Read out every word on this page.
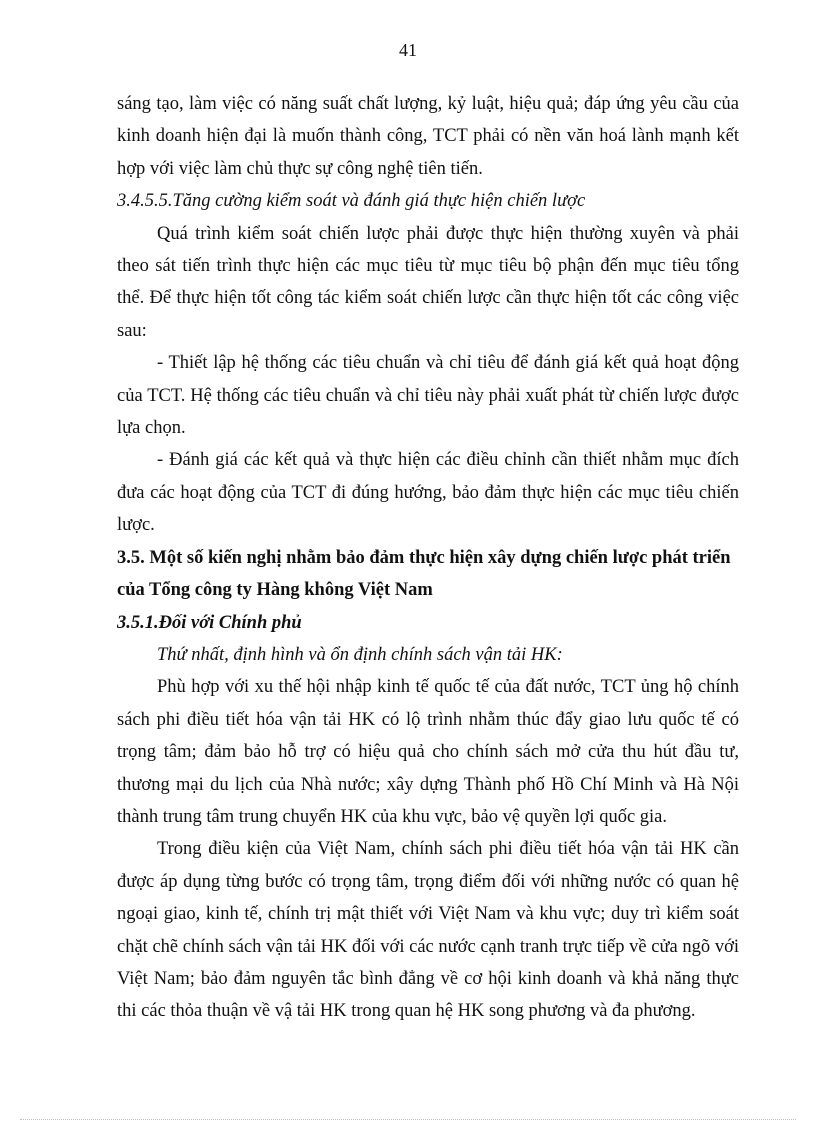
41

sáng tạo, làm việc có năng suất chất lượng, kỷ luật, hiệu quả; đáp ứng yêu cầu của kinh doanh hiện đại là muốn thành công, TCT phải có nền văn hoá lành mạnh kết hợp với việc làm chủ thực sự công nghệ tiên tiến.

3.4.5.5.Tăng cường kiểm soát và đánh giá thực hiện chiến lược

Quá trình kiểm soát chiến lược phải được thực hiện thường xuyên và phải theo sát tiến trình thực hiện các mục tiêu từ mục tiêu bộ phận đến mục tiêu tổng thể. Để thực hiện tốt công tác kiểm soát chiến lược cần thực hiện tốt các công việc sau:

- Thiết lập hệ thống các tiêu chuẩn và chỉ tiêu để đánh giá kết quả hoạt động của TCT. Hệ thống các tiêu chuẩn và chỉ tiêu này phải xuất phát từ chiến lược được lựa chọn.

- Đánh giá các kết quả và thực hiện các điều chỉnh cần thiết nhằm mục đích đưa các hoạt động của TCT đi đúng hướng, bảo đảm thực hiện các mục tiêu chiến lược.

3.5. Một số kiến nghị nhằm bảo đảm thực hiện xây dựng chiến lược phát triển của Tổng công ty Hàng không Việt Nam

3.5.1.Đối với Chính phủ

Thứ nhất, định hình và ổn định chính sách vận tải HK:

Phù hợp với xu thế hội nhập kinh tế quốc tế của đất nước, TCT ủng hộ chính sách phi điều tiết hóa vận tải HK có lộ trình nhằm thúc đẩy giao lưu quốc tế có trọng tâm; đảm bảo hỗ trợ có hiệu quả cho chính sách mở cửa thu hút đầu tư, thương mại du lịch của Nhà nước; xây dựng Thành phố Hồ Chí Minh và Hà Nội thành trung tâm trung chuyển HK của khu vực, bảo vệ quyền lợi quốc gia.

Trong điều kiện của Việt Nam, chính sách phi điều tiết hóa vận tải HK cần được áp dụng từng bước có trọng tâm, trọng điểm đối với những nước có quan hệ ngoại giao, kinh tế, chính trị mật thiết với Việt Nam và khu vực; duy trì kiểm soát chặt chẽ chính sách vận tải HK đối với các nước cạnh tranh trực tiếp về cửa ngõ với Việt Nam; bảo đảm nguyên tắc bình đẳng về cơ hội kinh doanh và khả năng thực thi các thỏa thuận về vậ tải HK trong quan hệ HK song phương và đa phương.
